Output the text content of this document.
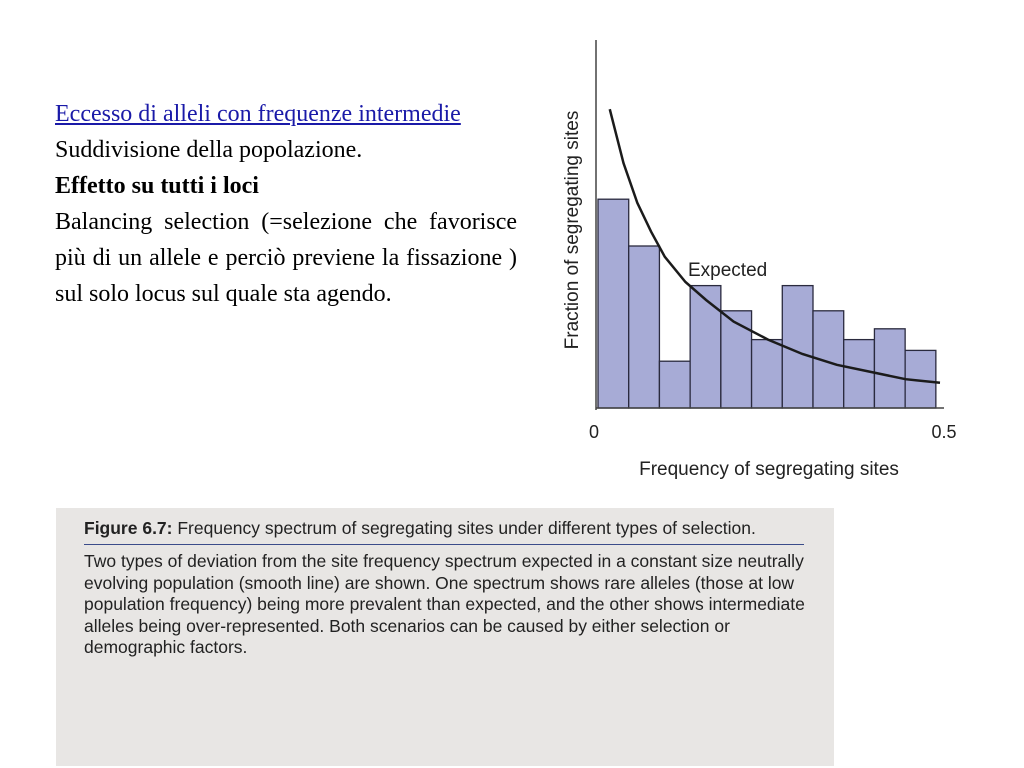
Eccesso di alleli con frequenze intermedie
Suddivisione della popolazione.
Effetto su tutti i loci
Balancing selection (=selezione che favorisce più di un allele e perciò previene la fissazione ) sul solo locus sul quale sta agendo.
Expected
0	0.5
Frequency of segregating sites
Fraction of segregating sites
Figure 6.7: Frequency spectrum of segregating sites under different types of selection.
Two types of deviation from the site frequency spectrum expected in a constant size neutrally evolving population (smooth line) are shown. One spectrum shows rare alleles (those at low population frequency) being more prevalent than expected, and the other shows intermediate alleles being over-represented. Both scenarios can be caused by either selection or demographic factors.
